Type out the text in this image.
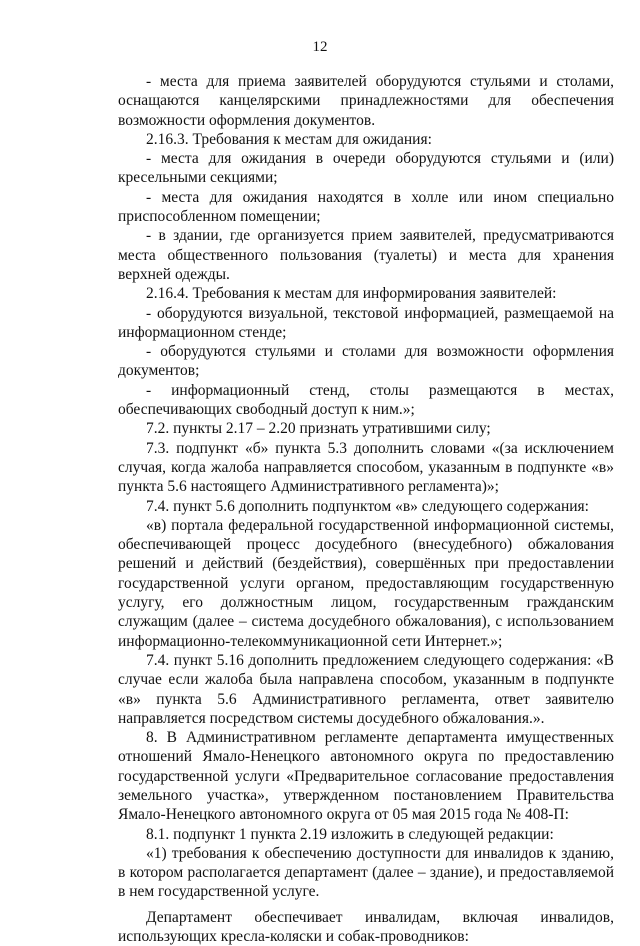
12

- места для приема заявителей оборудуются стульями и столами, оснащаются канцелярскими принадлежностями для обеспечения возможности оформления документов.

2.16.3. Требования к местам для ожидания:

- места для ожидания в очереди оборудуются стульями и (или) кресельными секциями;

- места для ожидания находятся в холле или ином специально приспособленном помещении;

- в здании, где организуется прием заявителей, предусматриваются места общественного пользования (туалеты) и места для хранения верхней одежды.

2.16.4. Требования к местам для информирования заявителей:

- оборудуются визуальной, текстовой информацией, размещаемой на информационном стенде;

- оборудуются стульями и столами для возможности оформления документов;

- информационный стенд, столы размещаются в местах, обеспечивающих свободный доступ к ним.»;

7.2. пункты 2.17 – 2.20 признать утратившими силу;

7.3. подпункт «б» пункта 5.3 дополнить словами «(за исключением случая, когда жалоба направляется способом, указанным в подпункте «в» пункта 5.6 настоящего Административного регламента)»;

7.4. пункт 5.6 дополнить подпунктом «в» следующего содержания:

«в) портала федеральной государственной информационной системы, обеспечивающей процесс досудебного (внесудебного) обжалования решений и действий (бездействия), совершённых при предоставлении государственной услуги органом, предоставляющим государственную услугу, его должностным лицом, государственным гражданским служащим (далее – система досудебного обжалования), с использованием информационно-телекоммуникационной сети Интернет.»;

7.4. пункт 5.16 дополнить предложением следующего содержания: «В случае если жалоба была направлена способом, указанным в подпункте «в» пункта 5.6 Административного регламента, ответ заявителю направляется посредством системы досудебного обжалования.».

8. В Административном регламенте департамента имущественных отношений Ямало-Ненецкого автономного округа по предоставлению государственной услуги «Предварительное согласование предоставления земельного участка», утвержденном постановлением Правительства Ямало-Ненецкого автономного округа от 05 мая 2015 года № 408-П:

8.1. подпункт 1 пункта 2.19 изложить в следующей редакции:

«1) требования к обеспечению доступности для инвалидов к зданию, в котором располагается департамент (далее – здание), и предоставляемой в нем государственной услуге.

Департамент обеспечивает инвалидам, включая инвалидов, использующих кресла-коляски и собак-проводников:
